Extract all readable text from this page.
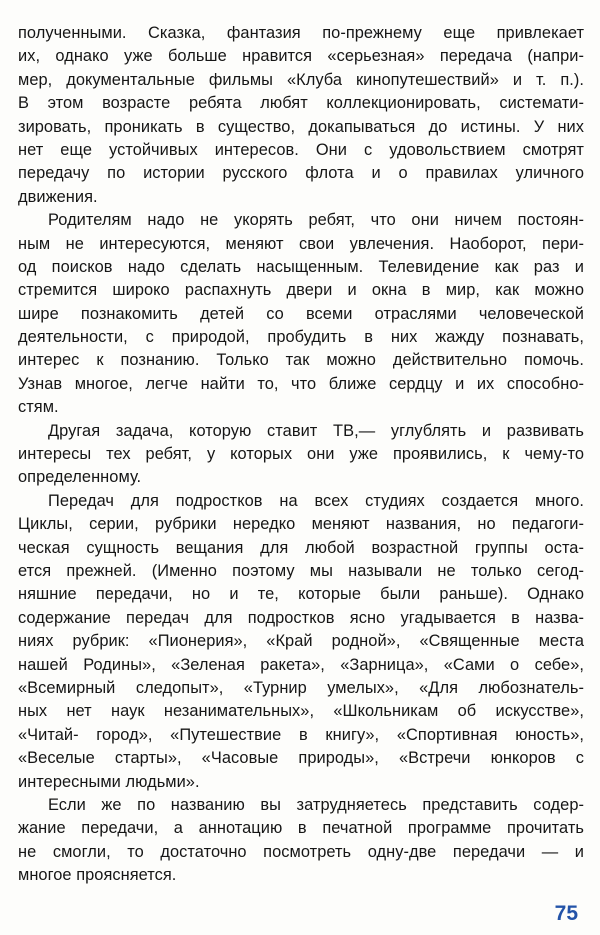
полученными. Сказка, фантазия по-прежнему еще привлекает
их, однако уже больше нравится «серьезная» передача (напри-
мер, документальные фильмы «Клуба кинопутешествий» и т. п.).
В этом возрасте ребята любят коллекционировать, системати-
зировать, проникать в существо, докапываться до истины. У них
нет еще устойчивых интересов. Они с удовольствием смотрят
передачу по истории русского флота и о правилах уличного
движения.
Родителям надо не укорять ребят, что они ничем постоян-
ным не интересуются, меняют свои увлечения. Наоборот, пери-
од поисков надо сделать насыщенным. Телевидение как раз и
стремится широко распахнуть двери и окна в мир, как можно
шире познакомить детей со всеми отраслями человеческой
деятельности, с природой, пробудить в них жажду познавать,
интерес к познанию. Только так можно действительно помочь.
Узнав многое, легче найти то, что ближе сердцу и их способно-
стям.
Другая задача, которую ставит ТВ,— углублять и развивать
интересы тех ребят, у которых они уже проявились, к чему-то
определенному.
Передач для подростков на всех студиях создается много.
Циклы, серии, рубрики нередко меняют названия, но педагоги-
ческая сущность вещания для любой возрастной группы оста-
ется прежней. (Именно поэтому мы называли не только сегод-
няшние передачи, но и те, которые были раньше). Однако
содержание передач для подростков ясно угадывается в назва-
ниях рубрик: «Пионерия», «Край родной», «Священные места
нашей Родины», «Зеленая ракета», «Зарница», «Сами о себе»,
«Всемирный следопыт», «Турнир умелых», «Для любознатель-
ных нет наук незанимательных», «Школьникам об искусстве»,
«Читай- город», «Путешествие в книгу», «Спортивная юность»,
«Веселые старты», «Часовые природы», «Встречи юнкоров с
интересными людьми».
Если же по названию вы затрудняетесь представить содер-
жание передачи, а аннотацию в печатной программе прочитать
не смогли, то достаточно посмотреть одну-две передачи — и
многое проясняется.
75
